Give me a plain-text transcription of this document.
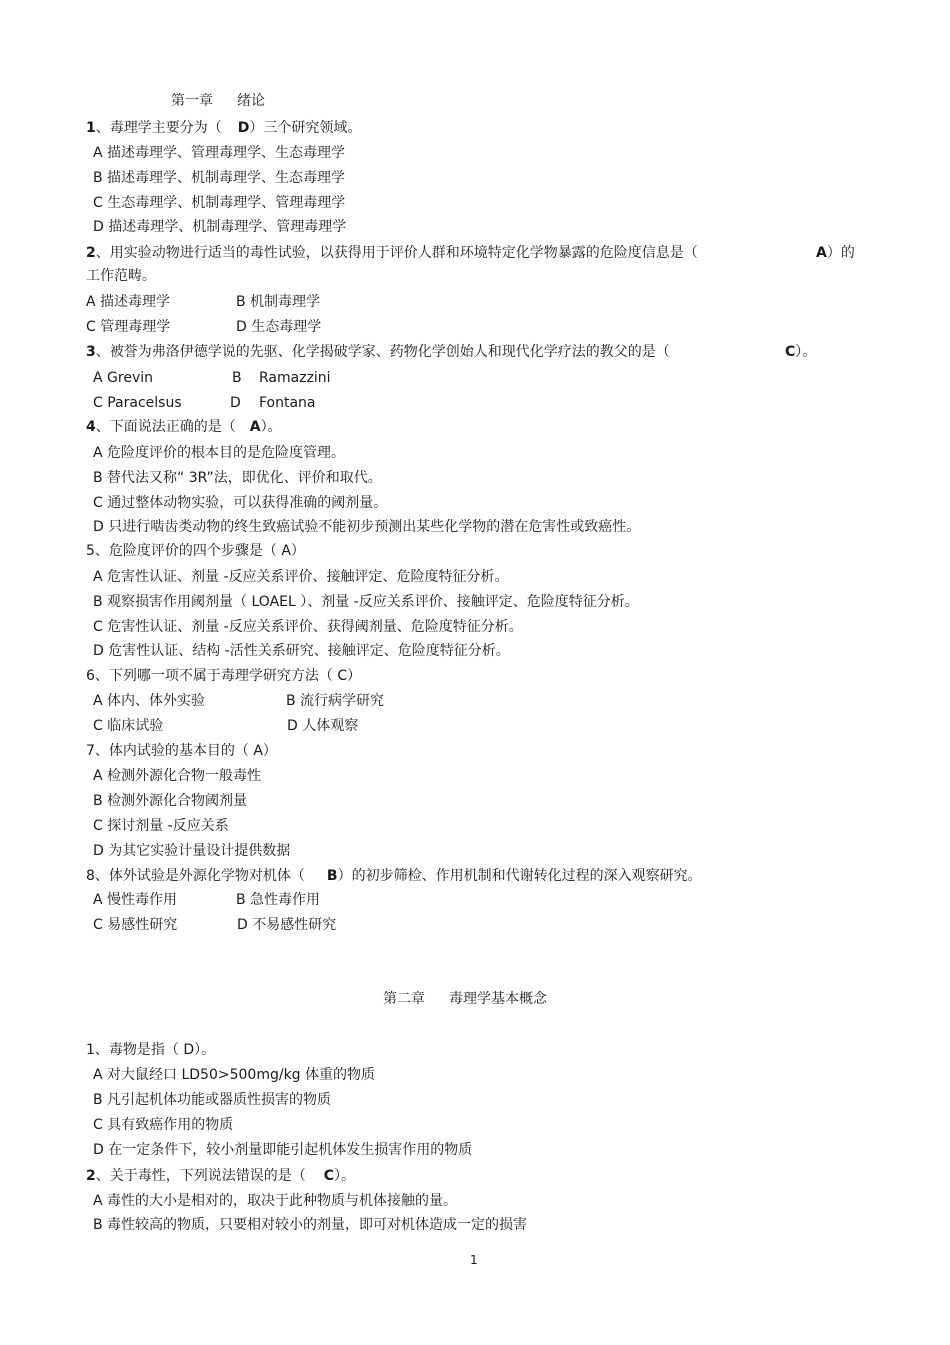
第一章 绪论
1、毒理学主要分为（ D）三个研究领域。
A 描述毒理学、管理毒理学、生态毒理学
B 描述毒理学、机制毒理学、生态毒理学
C 生态毒理学、机制毒理学、管理毒理学
D 描述毒理学、机制毒理学、管理毒理学
2、用实验动物进行适当的毒性试验，以获得用于评价人群和环境特定化学物暴露的危险度信息是（	A）的
工作范畴。
A 描述毒理学	B 机制毒理学
C 管理毒理学	D 生态毒理学
3、被誉为弗洛伊德学说的先驱、化学揭破学家、药物化学创始人和现代化学疗法的教父的是（	C）。
A Grevin	B Ramazzini
C Paracelsus	D Fontana
4、下面说法正确的是（ A）。
A 危险度评价的根本目的是危险度管理。
B 替代法又称“ 3R”法，即优化、评价和取代。
C 通过整体动物实验，可以获得准确的阈剂量。
D 只进行啮齿类动物的终生致癌试验不能初步预测出某些化学物的潜在危害性或致癌性。
5、危险度评价的四个步骤是（ A）
A 危害性认证、剂量 -反应关系评价、接触评定、危险度特征分析。
B 观察损害作用阈剂量（ LOAEL ）、剂量 -反应关系评价、接触评定、危险度特征分析。
C 危害性认证、剂量 -反应关系评价、获得阈剂量、危险度特征分析。
D 危害性认证、结构 -活性关系研究、接触评定、危险度特征分析。
6、下列哪一项不属于毒理学研究方法（ C）
A 体内、体外实验	B 流行病学研究
C 临床试验	D 人体观察
7、体内试验的基本目的（ A）
A 检测外源化合物一般毒性
B 检测外源化合物阈剂量
C 探讨剂量 -反应关系
D 为其它实验计量设计提供数据
8、体外试验是外源化学物对机体（ B）的初步筛检、作用机制和代谢转化过程的深入观察研究。
A 慢性毒作用	B 急性毒作用
C 易感性研究	D 不易感性研究
第二章 毒理学基本概念
1、毒物是指（ D）。
A 对大鼠经口 LD50>500mg/kg 体重的物质
B 凡引起机体功能或器质性损害的物质
C 具有致癌作用的物质
D 在一定条件下，较小剂量即能引起机体发生损害作用的物质
2、关于毒性，下列说法错误的是（ C）。
A 毒性的大小是相对的，取决于此种物质与机体接触的量。
B 毒性较高的物质，只要相对较小的剂量，即可对机体造成一定的损害
1
